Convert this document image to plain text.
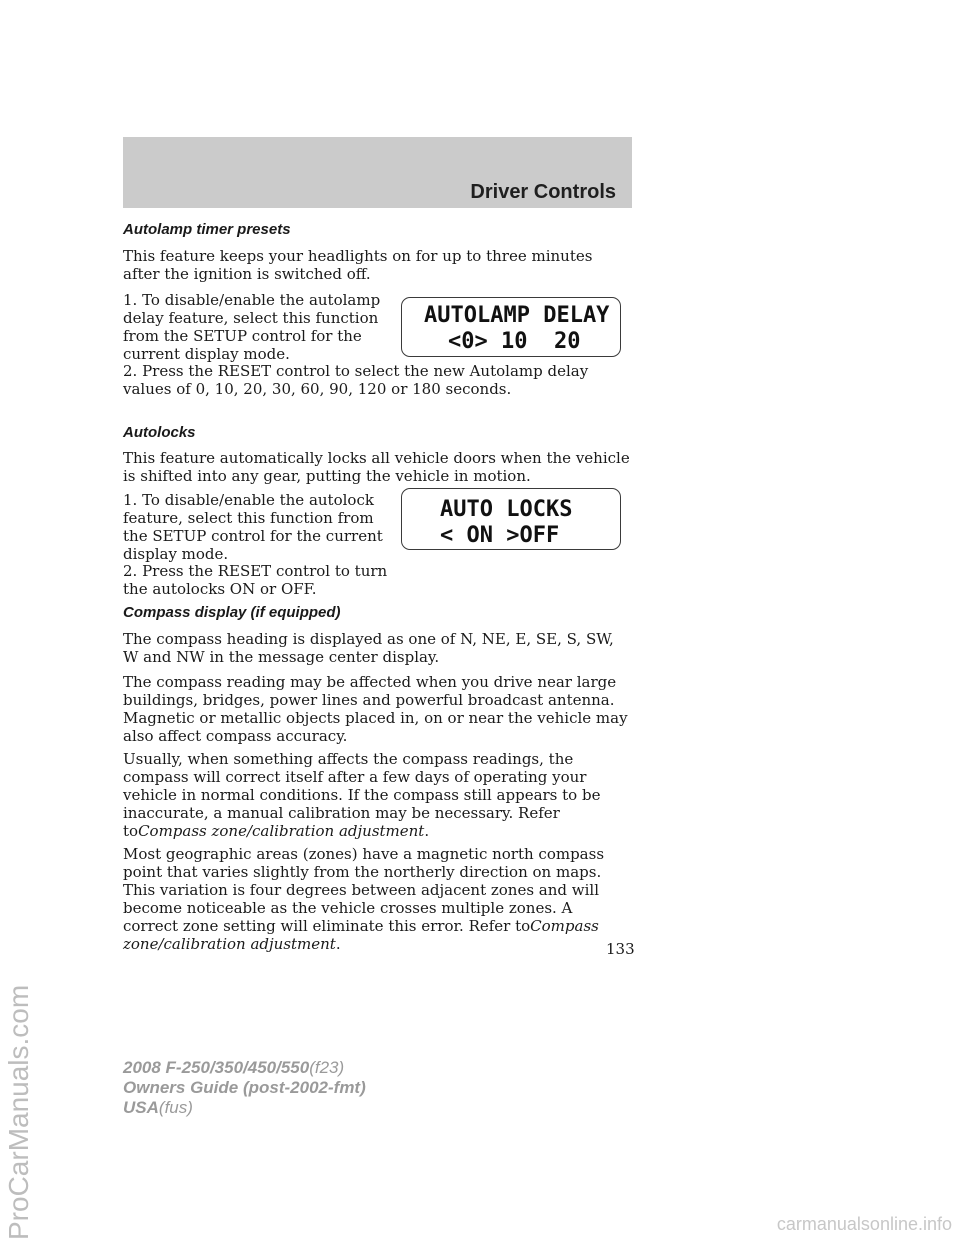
Driver Controls
Autolamp timer presets
This feature keeps your headlights on for up to three minutes after the ignition is switched off.
1. To disable/enable the autolamp delay feature, select this function from the SETUP control for the current display mode.
AUTOLAMP DELAY
<0> 10  20
2. Press the RESET control to select the new Autolamp delay values of 0, 10, 20, 30, 60, 90, 120 or 180 seconds.
Autolocks
This feature automatically locks all vehicle doors when the vehicle is shifted into any gear, putting the vehicle in motion.
1. To disable/enable the autolock feature, select this function from the SETUP control for the current display mode.
AUTO LOCKS
< ON >OFF
2. Press the RESET control to turn the autolocks ON or OFF.
Compass display (if equipped)
The compass heading is displayed as one of N, NE, E, SE, S, SW, W and NW in the message center display.
The compass reading may be affected when you drive near large buildings, bridges, power lines and powerful broadcast antenna. Magnetic or metallic objects placed in, on or near the vehicle may also affect compass accuracy.
Usually, when something affects the compass readings, the compass will correct itself after a few days of operating your vehicle in normal conditions. If the compass still appears to be inaccurate, a manual calibration may be necessary. Refer toCompass zone/calibration adjustment.
Most geographic areas (zones) have a magnetic north compass point that varies slightly from the northerly direction on maps. This variation is four degrees between adjacent zones and will become noticeable as the vehicle crosses multiple zones. A correct zone setting will eliminate this error. Refer toCompass zone/calibration adjustment.	133
2008 F-250/350/450/550(f23)
Owners Guide (post-2002-fmt)
USA(fus)
ProCarManuals.com	carmanualsonline.info
